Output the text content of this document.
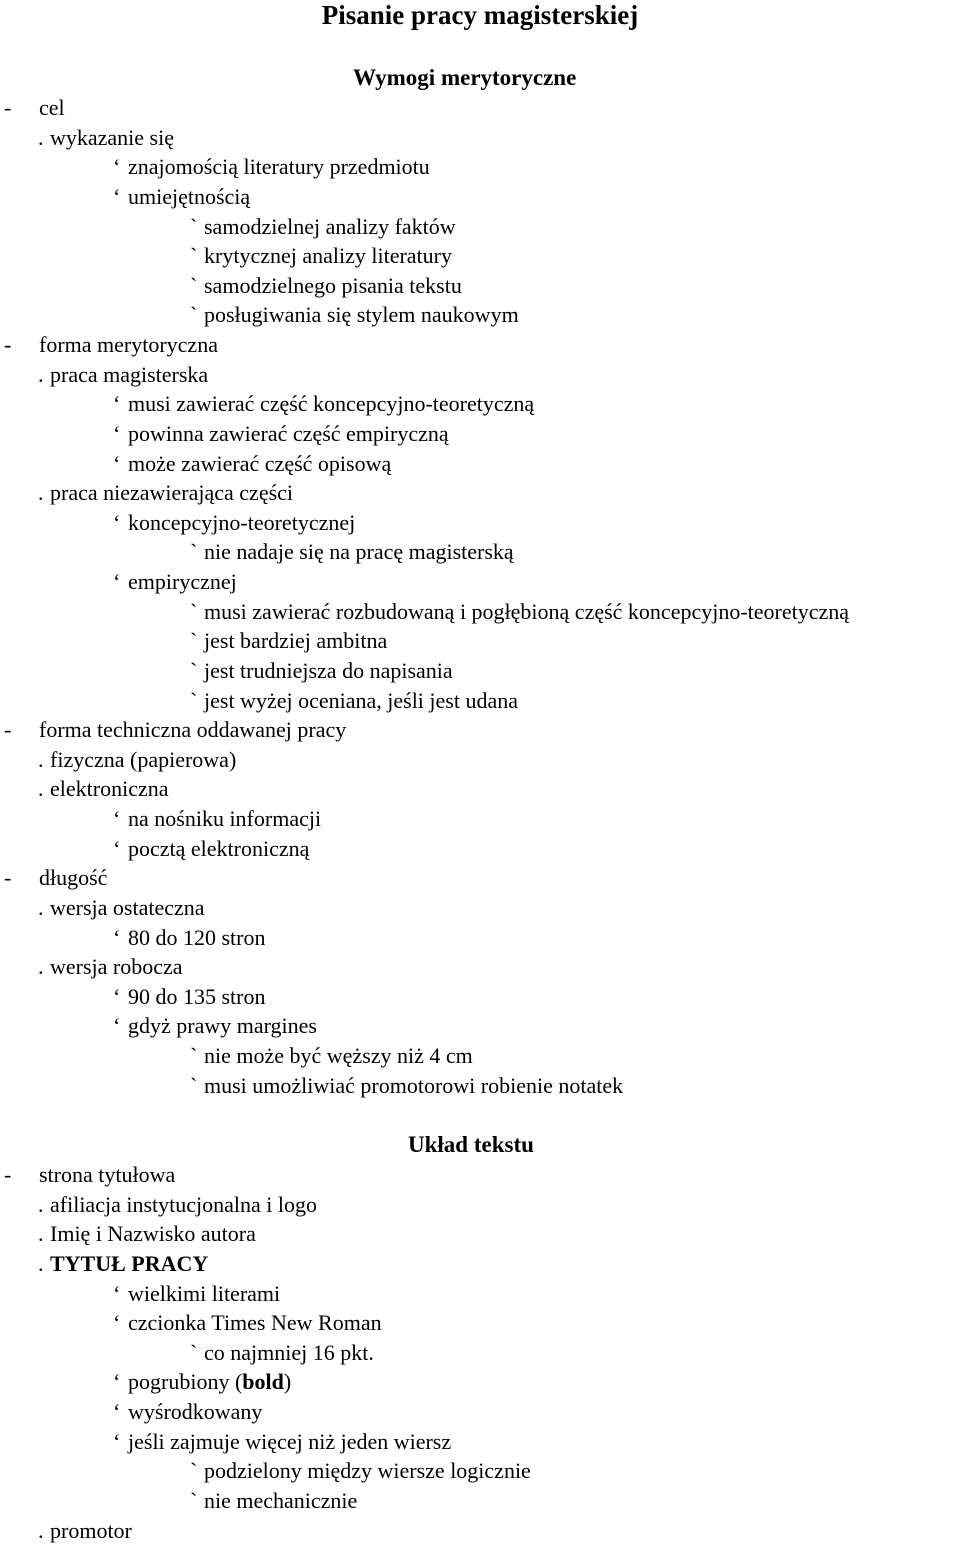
Pisanie pracy magisterskiej
Wymogi merytoryczne
- cel
. wykazanie się
‘ znajomością literatury przedmiotu
‘ umiejętnością
` samodzielnej analizy faktów
` krytycznej analizy literatury
` samodzielnego pisania tekstu
` posługiwania się stylem naukowym
- forma merytoryczna
. praca magisterska
‘ musi zawierać część koncepcyjno-teoretyczną
‘ powinna zawierać część empiryczną
‘ może zawierać część opisową
. praca niezawierająca części
‘ koncepcyjno-teoretycznej
` nie nadaje się na pracę magisterską
‘ empirycznej
` musi zawierać rozbudowaną i pogłębioną część koncepcyjno-teoretyczną
` jest bardziej ambitna
` jest trudniejsza do napisania
` jest wyżej oceniana, jeśli jest udana
- forma techniczna oddawanej pracy
. fizyczna (papierowa)
. elektroniczna
‘ na nośniku informacji
‘ pocztą elektroniczną
- długość
. wersja ostateczna
‘ 80 do 120 stron
. wersja robocza
‘ 90 do 135 stron
‘ gdyż prawy margines
` nie może być węższy niż 4 cm
` musi umożliwiać promotorowi robienie notatek
Układ tekstu
- strona tytułowa
. afiliacja instytucjonalna i logo
. Imię i Nazwisko autora
. TYTUŁ PRACY
‘ wielkimi literami
‘ czcionka Times New Roman
` co najmniej 16 pkt.
‘ pogrubiony (bold)
‘ wyśrodkowany
‘ jeśli zajmuje więcej niż jeden wiersz
` podzielony między wiersze logicznie
` nie mechanicznie
. promotor
